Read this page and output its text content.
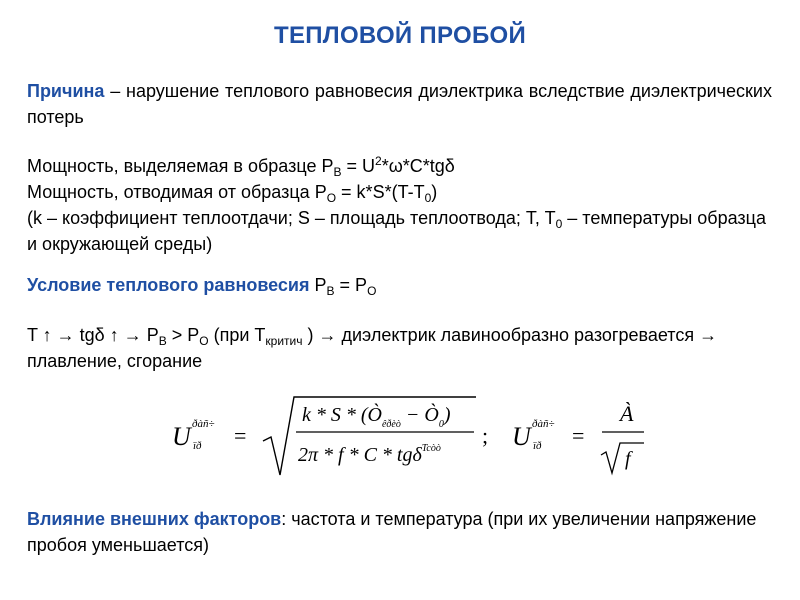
ТЕПЛОВОЙ ПРОБОЙ
Причина – нарушение теплового равновесия диэлектрика вследствие диэлектрических потерь
Мощность, выделяемая в образце $P_B = U^2*\omega*C*tg\delta$
Мощность, отводимая от образца $P_O = k*S*(T-T_0)$
(k – коэффициент теплоотдачи; S – площадь теплоотвода; T, $T_0$ – температуры образца и окружающей среды)
Условие теплового равновесия $P_B = P_O$
T ↑ → tgδ ↑ → $P_B > P_O$ (при $T_{критич}$ ) → диэлектрик лавинообразно разогревается → плавление, сгорание
U ðàñ÷
ïð =
k * S * ($Ò_{êðèò}$ − $Ò_0$)
2π * f * C * tgδ$^{Tcòò}$
; U ðàñ÷
ïð =
À
f
Влияние внешних факторов: частота и температура (при их увеличении напряжение пробоя уменьшается)
